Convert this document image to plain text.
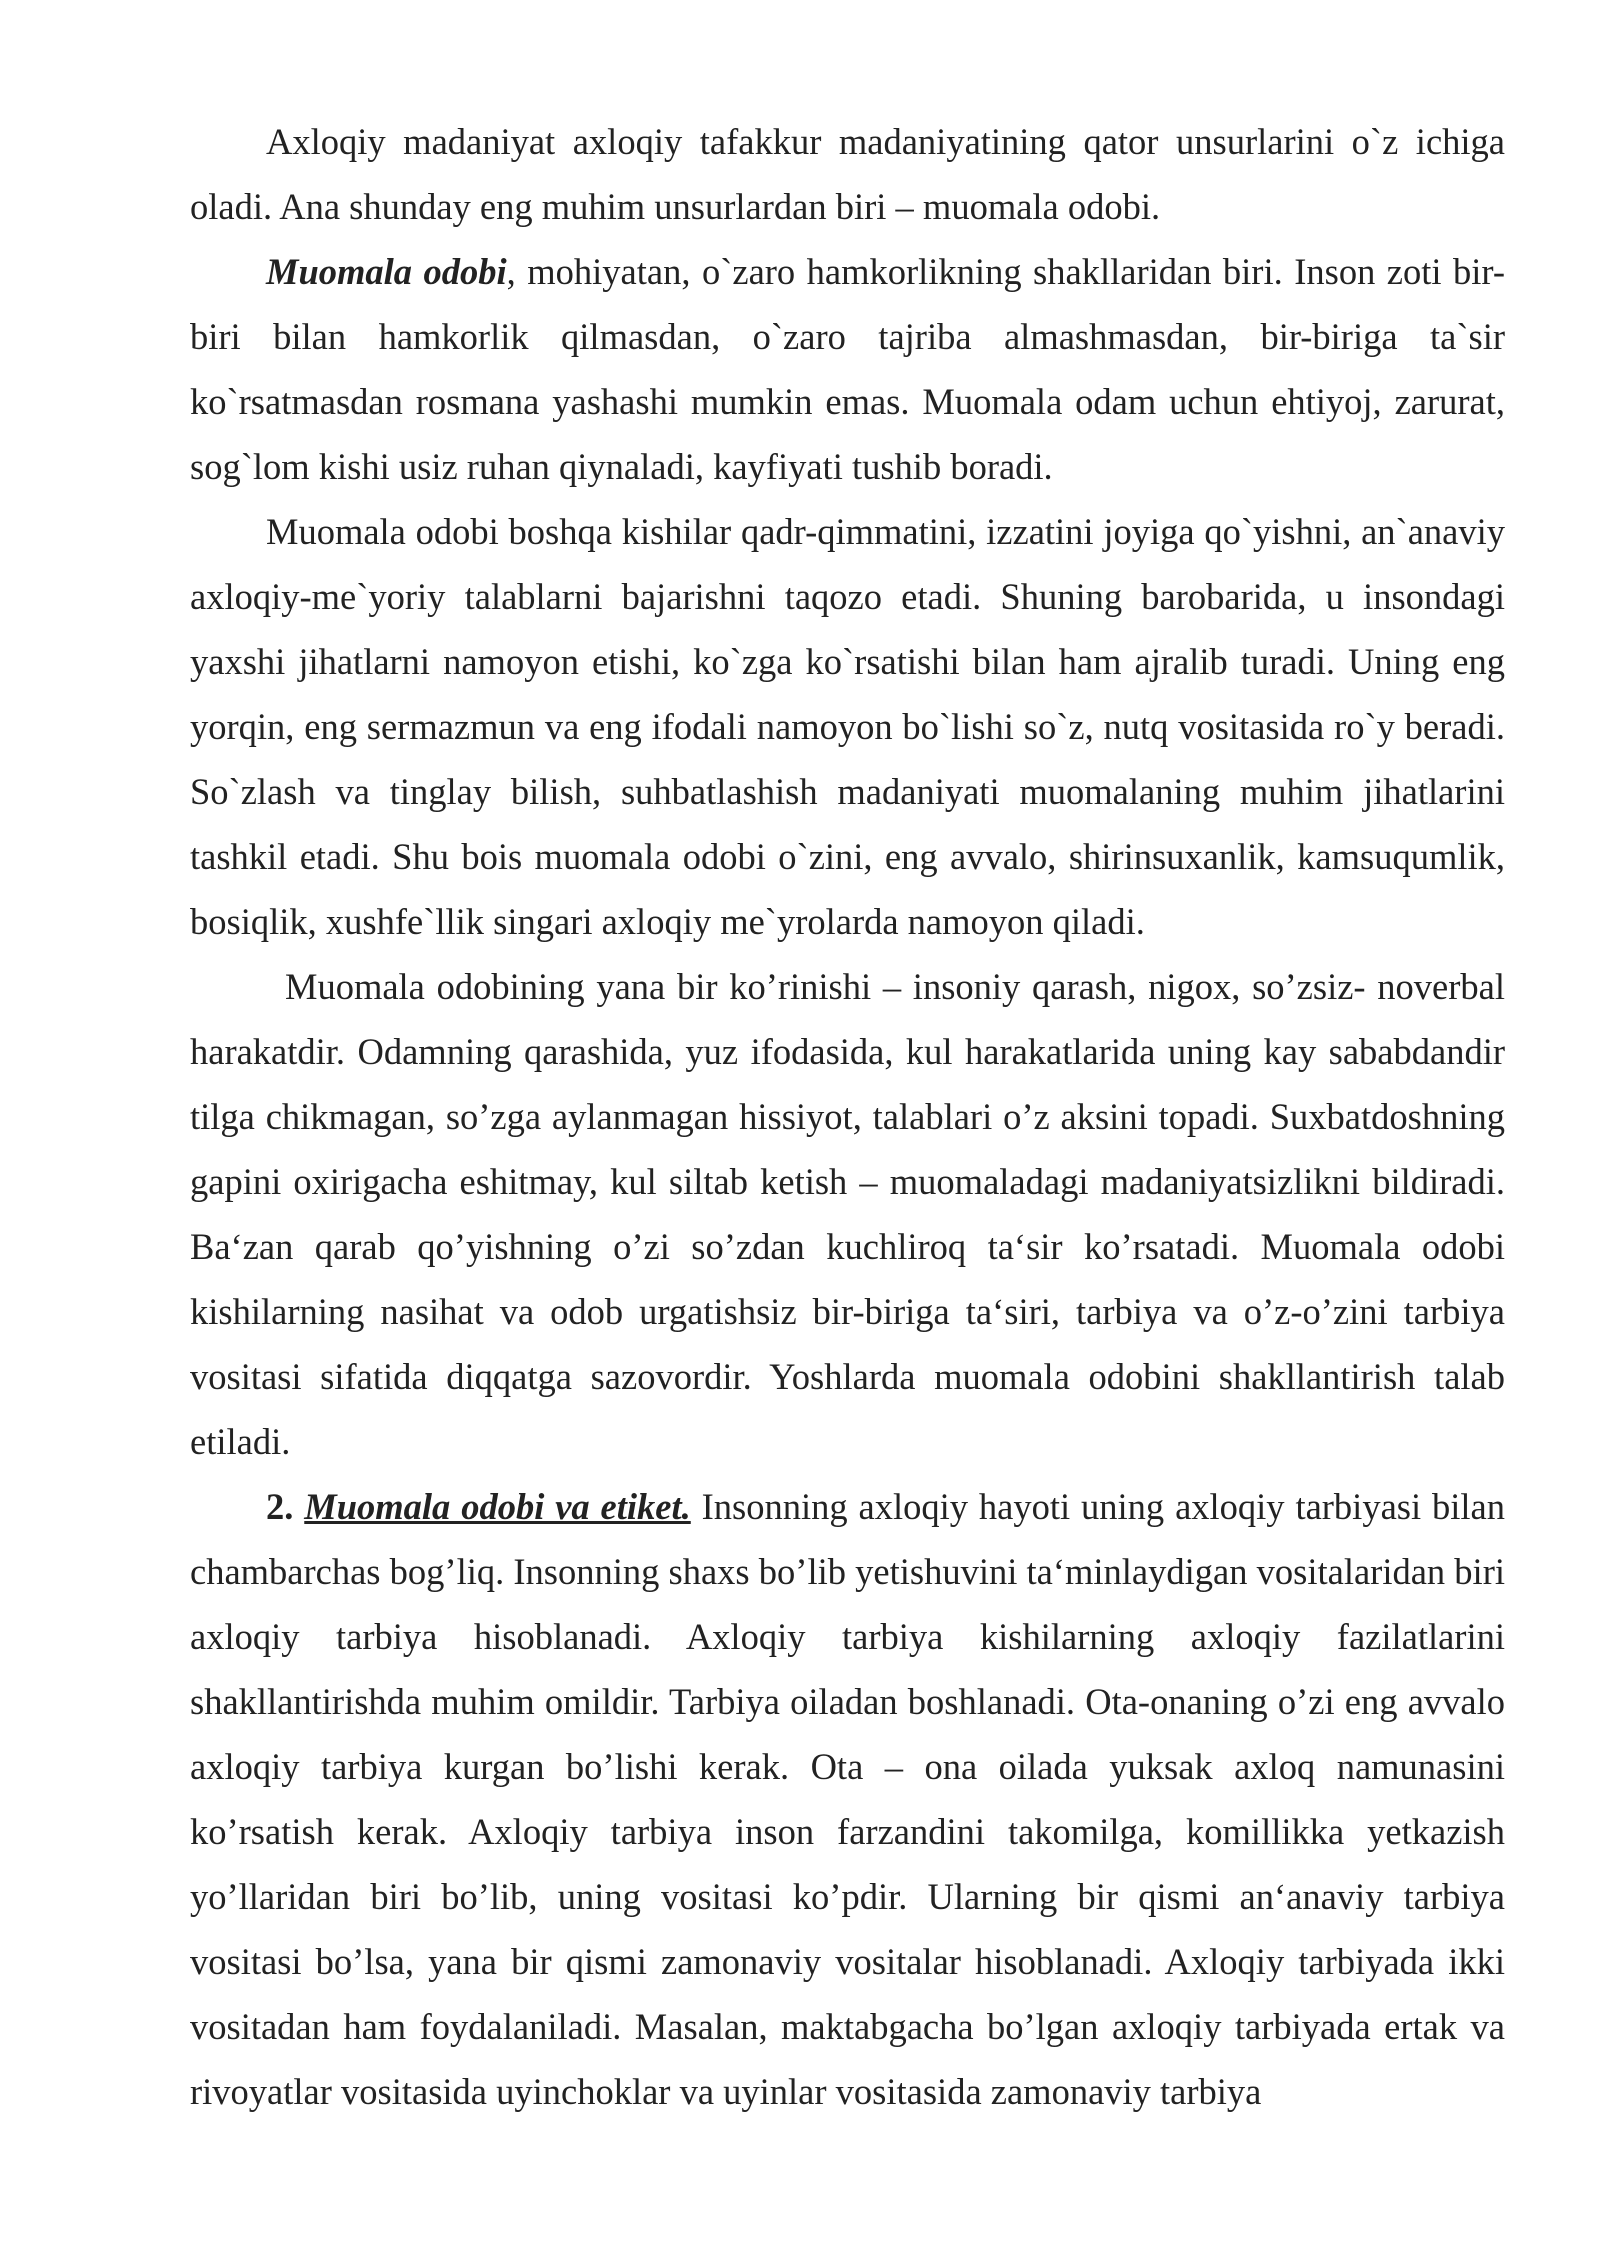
Axloqiy madaniyat axloqiy tafakkur madaniyatining qator unsurlarini o`z ichiga oladi. Ana shunday eng muhim unsurlardan biri – muomala odobi.

Muomala odobi, mohiyatan, o`zaro hamkorlikning shakllaridan biri. Inson zoti bir-biri bilan hamkorlik qilmasdan, o`zaro tajriba almashmasdan, bir-biriga ta`sir ko`rsatmasdan rosmana yashashi mumkin emas. Muomala odam uchun ehtiyoj, zarurat, sog`lom kishi usiz ruhan qiynaladi, kayfiyati tushib boradi.

Muomala odobi boshqa kishilar qadr-qimmatini, izzatini joyiga qo`yishni, an`anaviy axloqiy-me`yoriy talablarni bajarishni taqozo etadi. Shuning barobarida, u insondagi yaxshi jihatlarni namoyon etishi, ko`zga ko`rsatishi bilan ham ajralib turadi. Uning eng yorqin, eng sermazmun va eng ifodali namoyon bo`lishi so`z, nutq vositasida ro`y beradi. So`zlash va tinglay bilish, suhbatlashish madaniyati muomalaning muhim jihatlarini tashkil etadi. Shu bois muomala odobi o`zini, eng avvalo, shirinsuxanlik, kamsuqumlik, bosiqlik, xushfe`llik singari axloqiy me`yrolarda namoyon qiladi.

Muomala odobining yana bir ko’rinishi – insoniy qarash, nigox, so’zsiz- noverbal harakatdir. Odamning qarashida, yuz ifodasida, kul harakatlarida uning kay sababdandir tilga chikmagan, so’zga aylanmagan hissiyot, talablari o’z aksini topadi. Suxbatdoshning gapini oxirigacha eshitmay, kul siltab ketish – muomaladagi madaniyatsizlikni bildiradi. Ba‘zan qarab qo’yishning o’zi so’zdan kuchliroq ta‘sir ko’rsatadi. Muomala odobi kishilarning nasihat va odob urgatishsiz bir-biriga ta‘siri, tarbiya va o’z-o’zini tarbiya vositasi sifatida diqqatga sazovordir. Yoshlarda muomala odobini shakllantirish talab etiladi.

2. Muomala odobi va etiket. Insonning axloqiy hayoti uning axloqiy tarbiyasi bilan chambarchas bog’liq. Insonning shaxs bo’lib yetishuvini ta‘minlaydigan vositalaridan biri axloqiy tarbiya hisoblanadi. Axloqiy tarbiya kishilarning axloqiy fazilatlarini shakllantirishda muhim omildir. Tarbiya oiladan boshlanadi. Ota-onaning o’zi eng avvalo axloqiy tarbiya kurgan bo’lishi kerak. Ota – ona oilada yuksak axloq namunasini ko’rsatish kerak. Axloqiy tarbiya inson farzandini takomilga, komillikka yetkazish yo’llaridan biri bo’lib, uning vositasi ko’pdir. Ularning bir qismi an‘anaviy tarbiya vositasi bo’lsa, yana bir qismi zamonaviy vositalar hisoblanadi. Axloqiy tarbiyada ikki vositadan ham foydalaniladi. Masalan, maktabgacha bo’lgan axloqiy tarbiyada ertak va rivoyatlar vositasida uyinchoklar va uyinlar vositasida zamonaviy tarbiya
